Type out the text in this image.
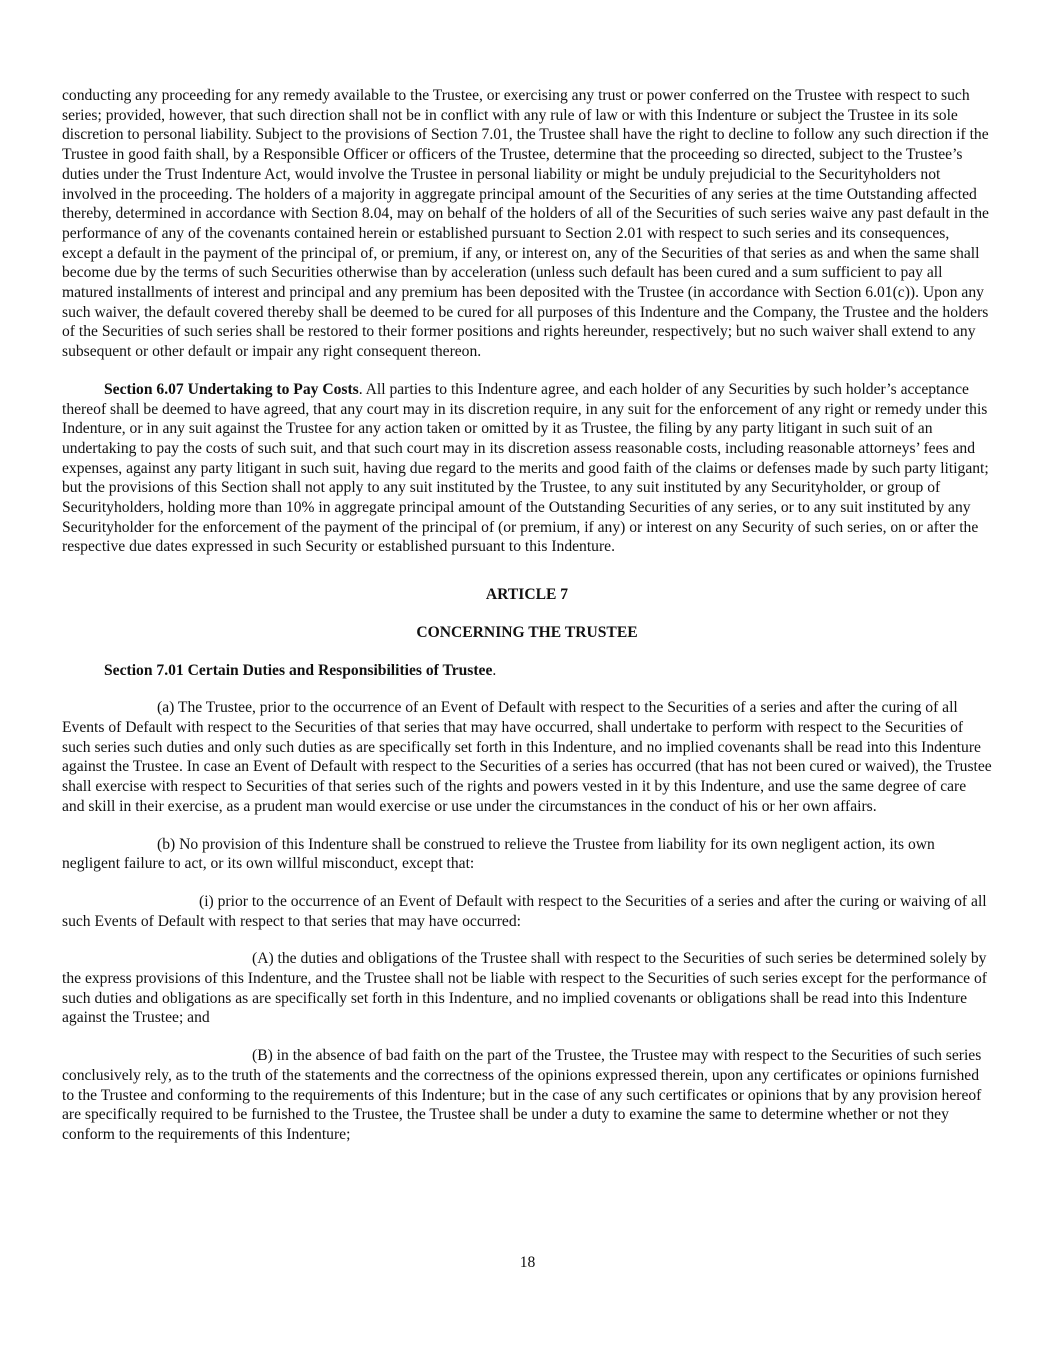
conducting any proceeding for any remedy available to the Trustee, or exercising any trust or power conferred on the Trustee with respect to such series; provided, however, that such direction shall not be in conflict with any rule of law or with this Indenture or subject the Trustee in its sole discretion to personal liability. Subject to the provisions of Section 7.01, the Trustee shall have the right to decline to follow any such direction if the Trustee in good faith shall, by a Responsible Officer or officers of the Trustee, determine that the proceeding so directed, subject to the Trustee’s duties under the Trust Indenture Act, would involve the Trustee in personal liability or might be unduly prejudicial to the Securityholders not involved in the proceeding. The holders of a majority in aggregate principal amount of the Securities of any series at the time Outstanding affected thereby, determined in accordance with Section 8.04, may on behalf of the holders of all of the Securities of such series waive any past default in the performance of any of the covenants contained herein or established pursuant to Section 2.01 with respect to such series and its consequences, except a default in the payment of the principal of, or premium, if any, or interest on, any of the Securities of that series as and when the same shall become due by the terms of such Securities otherwise than by acceleration (unless such default has been cured and a sum sufficient to pay all matured installments of interest and principal and any premium has been deposited with the Trustee (in accordance with Section 6.01(c)). Upon any such waiver, the default covered thereby shall be deemed to be cured for all purposes of this Indenture and the Company, the Trustee and the holders of the Securities of such series shall be restored to their former positions and rights hereunder, respectively; but no such waiver shall extend to any subsequent or other default or impair any right consequent thereon.

Section 6.07 Undertaking to Pay Costs. All parties to this Indenture agree, and each holder of any Securities by such holder’s acceptance thereof shall be deemed to have agreed, that any court may in its discretion require, in any suit for the enforcement of any right or remedy under this Indenture, or in any suit against the Trustee for any action taken or omitted by it as Trustee, the filing by any party litigant in such suit of an undertaking to pay the costs of such suit, and that such court may in its discretion assess reasonable costs, including reasonable attorneys’ fees and expenses, against any party litigant in such suit, having due regard to the merits and good faith of the claims or defenses made by such party litigant; but the provisions of this Section shall not apply to any suit instituted by the Trustee, to any suit instituted by any Securityholder, or group of Securityholders, holding more than 10% in aggregate principal amount of the Outstanding Securities of any series, or to any suit instituted by any Securityholder for the enforcement of the payment of the principal of (or premium, if any) or interest on any Security of such series, on or after the respective due dates expressed in such Security or established pursuant to this Indenture.

ARTICLE 7

CONCERNING THE TRUSTEE

Section 7.01 Certain Duties and Responsibilities of Trustee.

(a) The Trustee, prior to the occurrence of an Event of Default with respect to the Securities of a series and after the curing of all Events of Default with respect to the Securities of that series that may have occurred, shall undertake to perform with respect to the Securities of such series such duties and only such duties as are specifically set forth in this Indenture, and no implied covenants shall be read into this Indenture against the Trustee. In case an Event of Default with respect to the Securities of a series has occurred (that has not been cured or waived), the Trustee shall exercise with respect to Securities of that series such of the rights and powers vested in it by this Indenture, and use the same degree of care and skill in their exercise, as a prudent man would exercise or use under the circumstances in the conduct of his or her own affairs.

(b) No provision of this Indenture shall be construed to relieve the Trustee from liability for its own negligent action, its own negligent failure to act, or its own willful misconduct, except that:

(i) prior to the occurrence of an Event of Default with respect to the Securities of a series and after the curing or waiving of all such Events of Default with respect to that series that may have occurred:

(A) the duties and obligations of the Trustee shall with respect to the Securities of such series be determined solely by the express provisions of this Indenture, and the Trustee shall not be liable with respect to the Securities of such series except for the performance of such duties and obligations as are specifically set forth in this Indenture, and no implied covenants or obligations shall be read into this Indenture against the Trustee; and

(B) in the absence of bad faith on the part of the Trustee, the Trustee may with respect to the Securities of such series conclusively rely, as to the truth of the statements and the correctness of the opinions expressed therein, upon any certificates or opinions furnished to the Trustee and conforming to the requirements of this Indenture; but in the case of any such certificates or opinions that by any provision hereof are specifically required to be furnished to the Trustee, the Trustee shall be under a duty to examine the same to determine whether or not they conform to the requirements of this Indenture;

18
